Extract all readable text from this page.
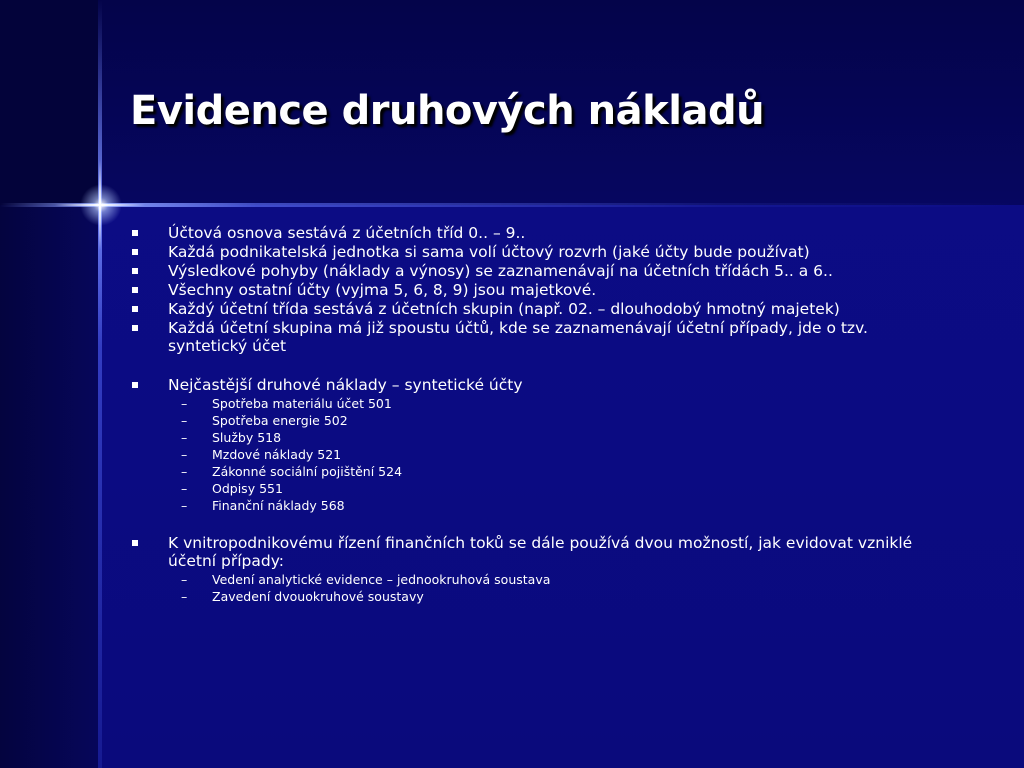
Evidence druhových nákladů
Účtová osnova sestává z účetních tříd 0.. – 9..
Každá podnikatelská jednotka si sama volí účtový rozvrh (jaké účty bude používat)
Výsledkové pohyby (náklady a výnosy) se zaznamenávají na účetních třídách 5.. a 6..
Všechny ostatní účty (vyjma 5, 6, 8, 9) jsou majetkové.
Každý účetní třída sestává z účetních skupin (např. 02. – dlouhodobý hmotný majetek)
Každá účetní skupina má již spoustu účtů, kde se zaznamenávají účetní případy, jde o tzv. syntetický účet
Nejčastější druhové náklady – syntetické účty
– Spotřeba materiálu účet 501
– Spotřeba energie 502
– Služby 518
– Mzdové náklady 521
– Zákonné sociální pojištění 524
– Odpisy 551
– Finanční náklady 568
K vnitropodnikovému řízení finančních toků se dále používá dvou možností, jak evidovat vzniklé účetní případy:
– Vedení analytické evidence – jednookruhová soustava
– Zavedení dvouokruhové soustavy
